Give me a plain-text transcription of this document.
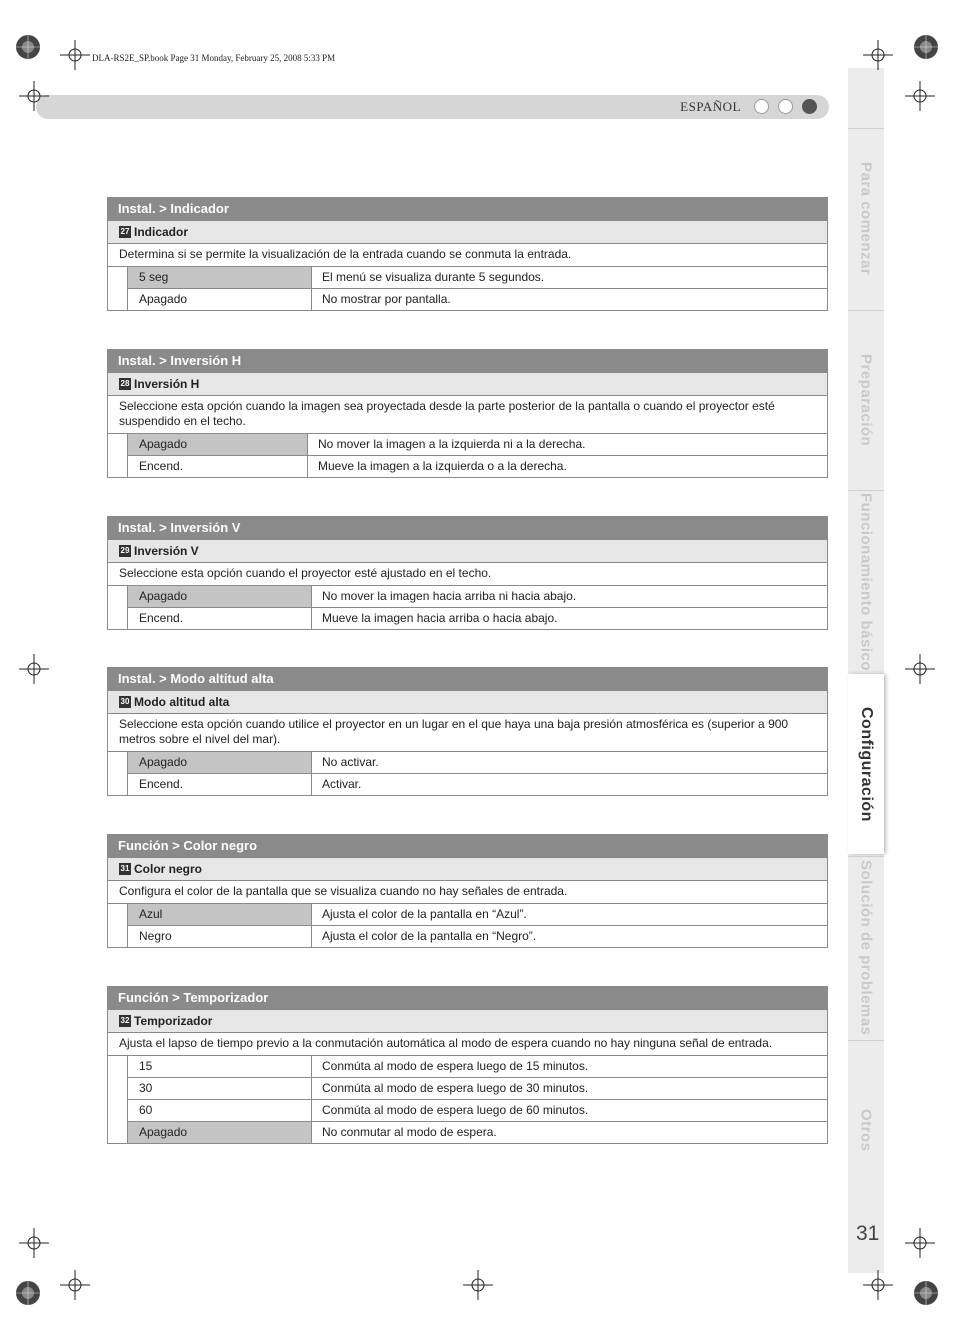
DLA-RS2E_SP.book Page 31 Monday, February 25, 2008 5:33 PM
ESPAÑOL
Para comenzar
Preparación
Funcionamiento básico
Configuración
Solución de problemas
Otros
31
Instal. > Indicador
27 Indicador
Determina si se permite la visualización de la entrada cuando se conmuta la entrada.
5 seg	El menú se visualiza durante 5 segundos.
Apagado	No mostrar por pantalla.
Instal. > Inversión H
28 Inversión H
Seleccione esta opción cuando la imagen sea proyectada desde la parte posterior de la pantalla o cuando el proyector esté suspendido en el techo.
Apagado	No mover la imagen a la izquierda ni a la derecha.
Encend.	Mueve la imagen a la izquierda o a la derecha.
Instal. > Inversión V
29 Inversión V
Seleccione esta opción cuando el proyector esté ajustado en el techo.
Apagado	No mover la imagen hacia arriba ni hacia abajo.
Encend.	Mueve la imagen hacia arriba o hacia abajo.
Instal. > Modo altitud alta
30 Modo altitud alta
Seleccione esta opción cuando utilice el proyector en un lugar en el que haya una baja presión atmosférica es (superior a 900 metros sobre el nivel del mar).
Apagado	No activar.
Encend.	Activar.
Función > Color negro
31 Color negro
Configura el color de la pantalla que se visualiza cuando no hay señales de entrada.
Azul	Ajusta el color de la pantalla en “Azul”.
Negro	Ajusta el color de la pantalla en “Negro”.
Función > Temporizador
32 Temporizador
Ajusta el lapso de tiempo previo a la conmutación automática al modo de espera cuando no hay ninguna señal de entrada.
15	Conmúta al modo de espera luego de 15 minutos.
30	Conmúta al modo de espera luego de 30 minutos.
60	Conmúta al modo de espera luego de 60 minutos.
Apagado	No conmutar al modo de espera.
